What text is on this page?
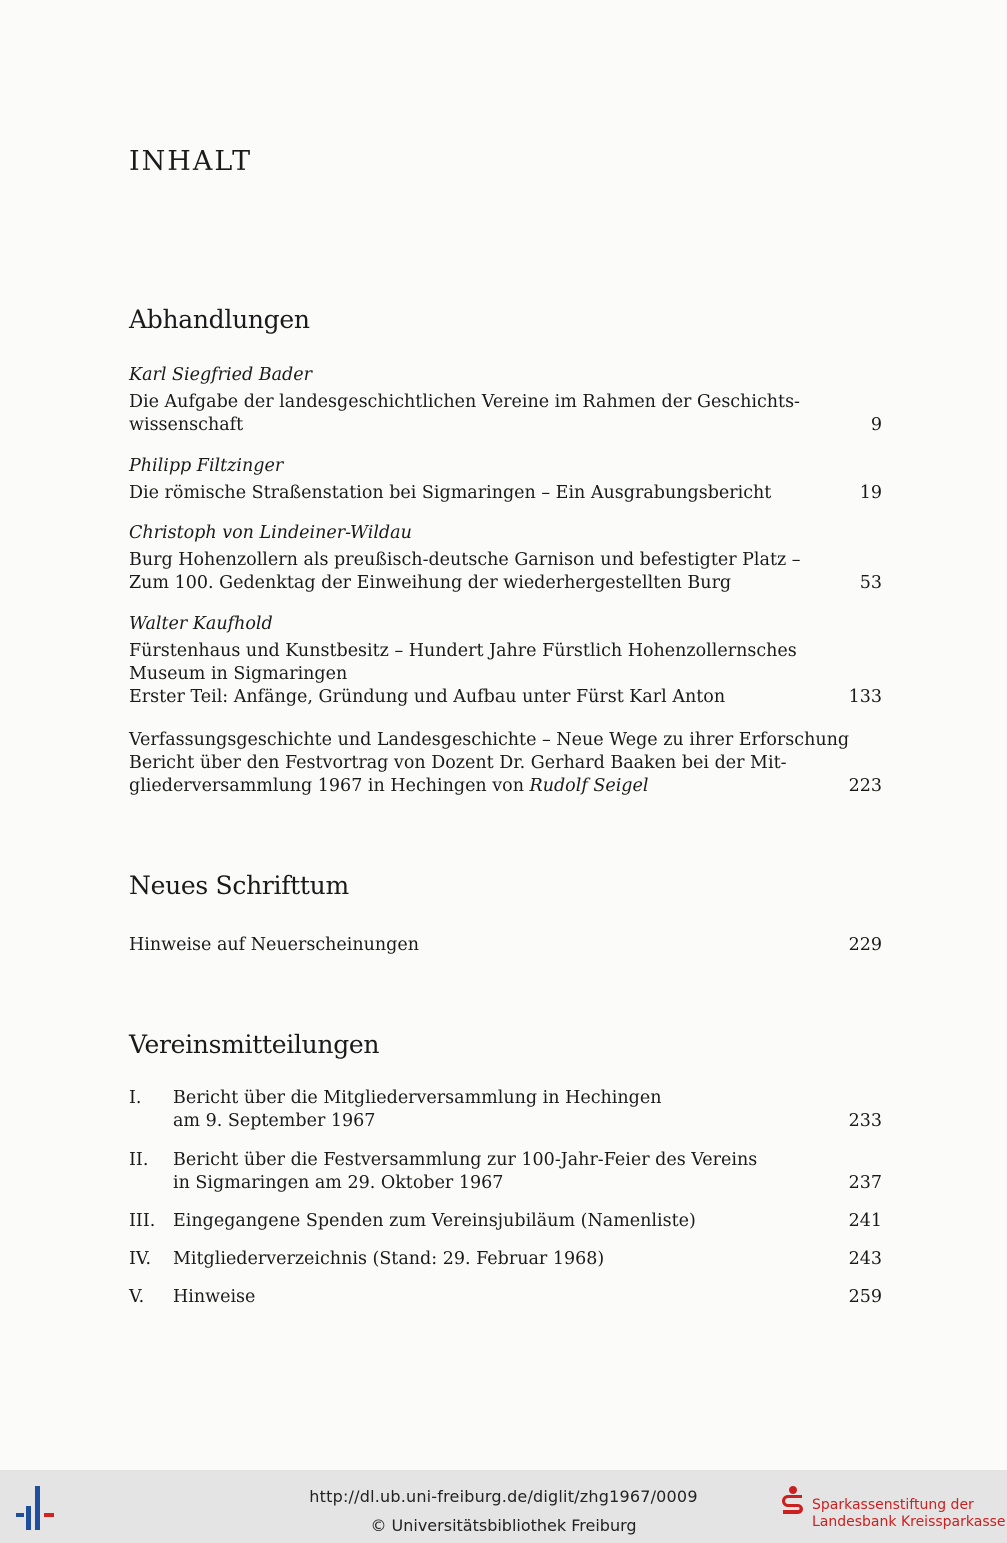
INHALT
Abhandlungen
Karl Siegfried Bader
Die Aufgabe der landesgeschichtlichen Vereine im Rahmen der Geschichts-
wissenschaft	9
Philipp Filtzinger
Die römische Straßenstation bei Sigmaringen – Ein Ausgrabungsbericht	19
Christoph von Lindeiner-Wildau
Burg Hohenzollern als preußisch-deutsche Garnison und befestigter Platz –
Zum 100. Gedenktag der Einweihung der wiederhergestellten Burg	53
Walter Kaufhold
Fürstenhaus und Kunstbesitz – Hundert Jahre Fürstlich Hohenzollernsches
Museum in Sigmaringen
Erster Teil: Anfänge, Gründung und Aufbau unter Fürst Karl Anton	133
Verfassungsgeschichte und Landesgeschichte – Neue Wege zu ihrer Erforschung
Bericht über den Festvortrag von Dozent Dr. Gerhard Baaken bei der Mit-
gliederversammlung 1967 in Hechingen von Rudolf Seigel	223
Neues Schrifttum
Hinweise auf Neuerscheinungen	229
Vereinsmitteilungen
I. Bericht über die Mitgliederversammlung in Hechingen
am 9. September 1967	233
II. Bericht über die Festversammlung zur 100-Jahr-Feier des Vereins
in Sigmaringen am 29. Oktober 1967	237
III. Eingegangene Spenden zum Vereinsjubiläum (Namenliste)	241
IV. Mitgliederverzeichnis (Stand: 29. Februar 1968)	243
V. Hinweise	259
http://dl.ub.uni-freiburg.de/diglit/zhg1967/0009
© Universitätsbibliothek Freiburg
Sparkassenstiftung der
Landesbank Kreissparkasse
